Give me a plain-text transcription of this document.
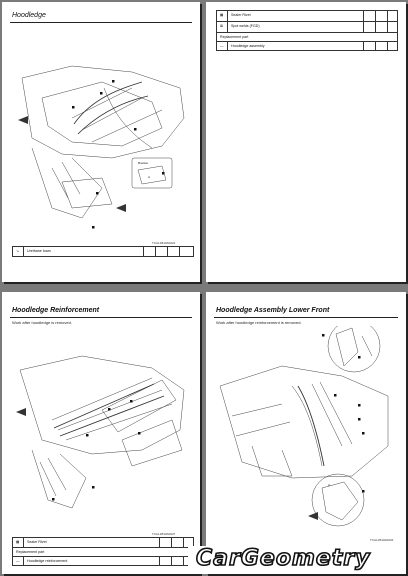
Hoodledge
Bracket
A
TCAL1B10A0022
↘ Urethane foam
▦ Sealer Rivet
⊠ Spot welds (FGD)
Replacement part
— Hoodledge assembly
Hoodledge Reinforcement
Work after hoodledge is removed.
TCAL1B10A0027
▦ Sealer Rivet
Replacement part
— Hoodledge reinforcement
Hoodledge Assembly Lower Front
Work after hoodledge reinforcement is removed.
A
TCAL1B10A0032
CarGeometry
